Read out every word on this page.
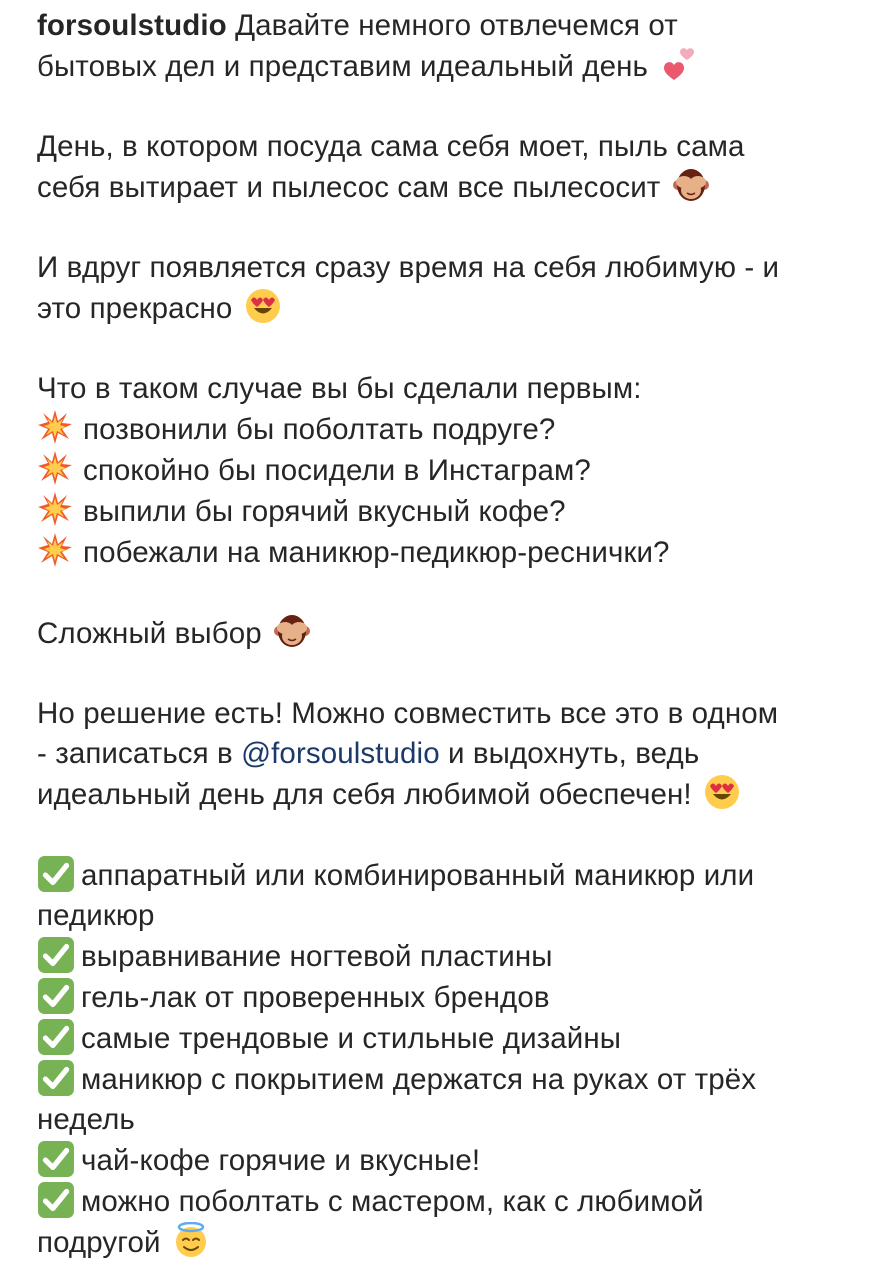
forsoulstudio Давайте немного отвлечемся от
бытовых дел и представим идеальный день
День, в котором посуда сама себя моет, пыль сама
себя вытирает и пылесос сам все пылесосит
И вдруг появляется сразу время на себя любимую - и
это прекрасно
Что в таком случае вы бы сделали первым:
позвонили бы поболтать подруге?
спокойно бы посидели в Инстаграм?
выпили бы горячий вкусный кофе?
побежали на маникюр-педикюр-реснички?
Сложный выбор
Но решение есть! Можно совместить все это в одном
- записаться в @forsoulstudio и выдохнуть, ведь
идеальный день для себя любимой обеспечен!
аппаратный или комбинированный маникюр или
педикюр
выравнивание ногтевой пластины
гель-лак от проверенных брендов
самые трендовые и стильные дизайны
маникюр с покрытием держатся на руках от трёх
недель
чай-кофе горячие и вкусные!
можно поболтать с мастером, как с любимой
подругой
